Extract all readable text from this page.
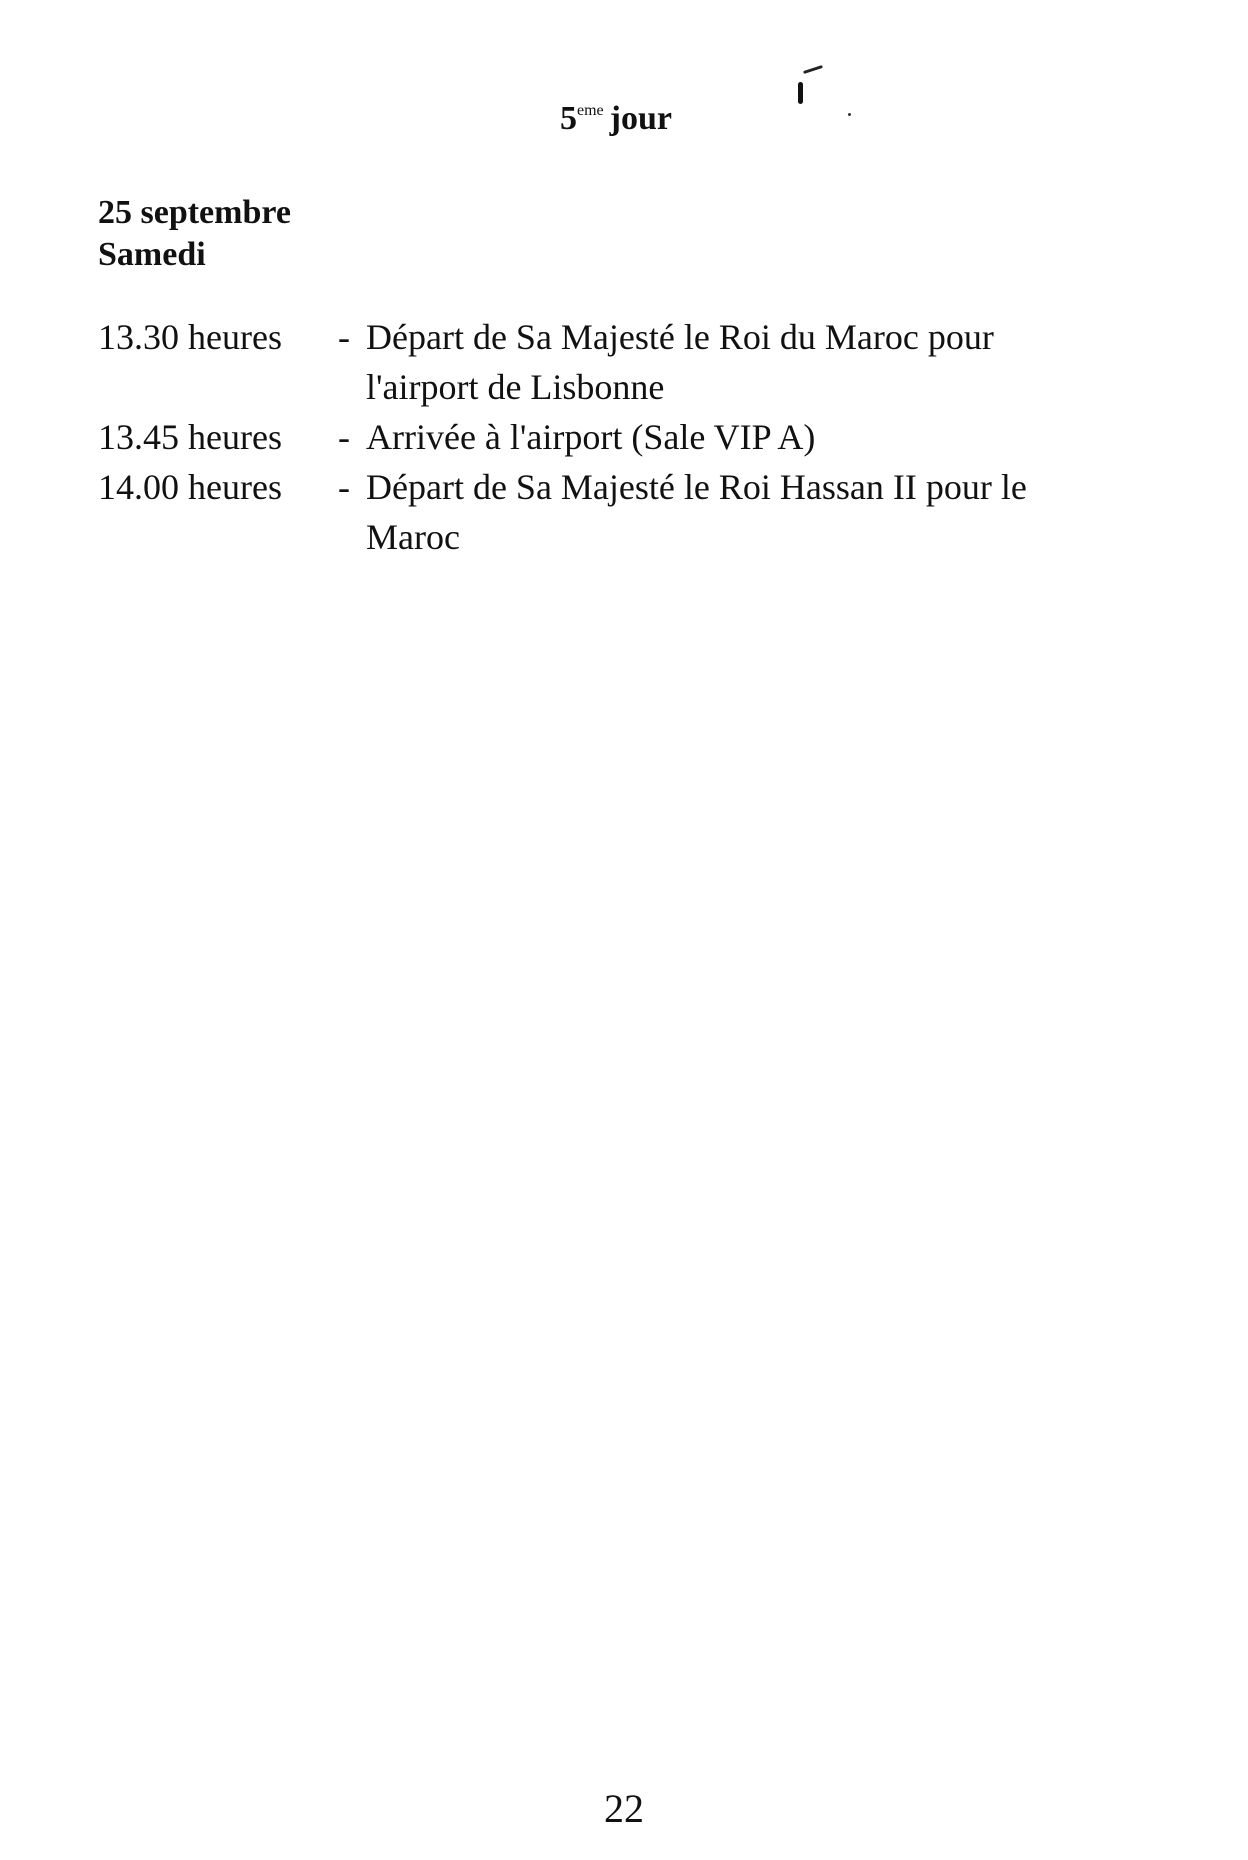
5eme jour
25 septembre
Samedi
13.30 heures	- Départ de Sa Majesté le Roi du Maroc pour l'airport de Lisbonne
13.45 heures	- Arrivée à l'airport (Sale VIP A)
14.00 heures	- Départ de Sa Majesté le Roi Hassan II pour le Maroc
22
